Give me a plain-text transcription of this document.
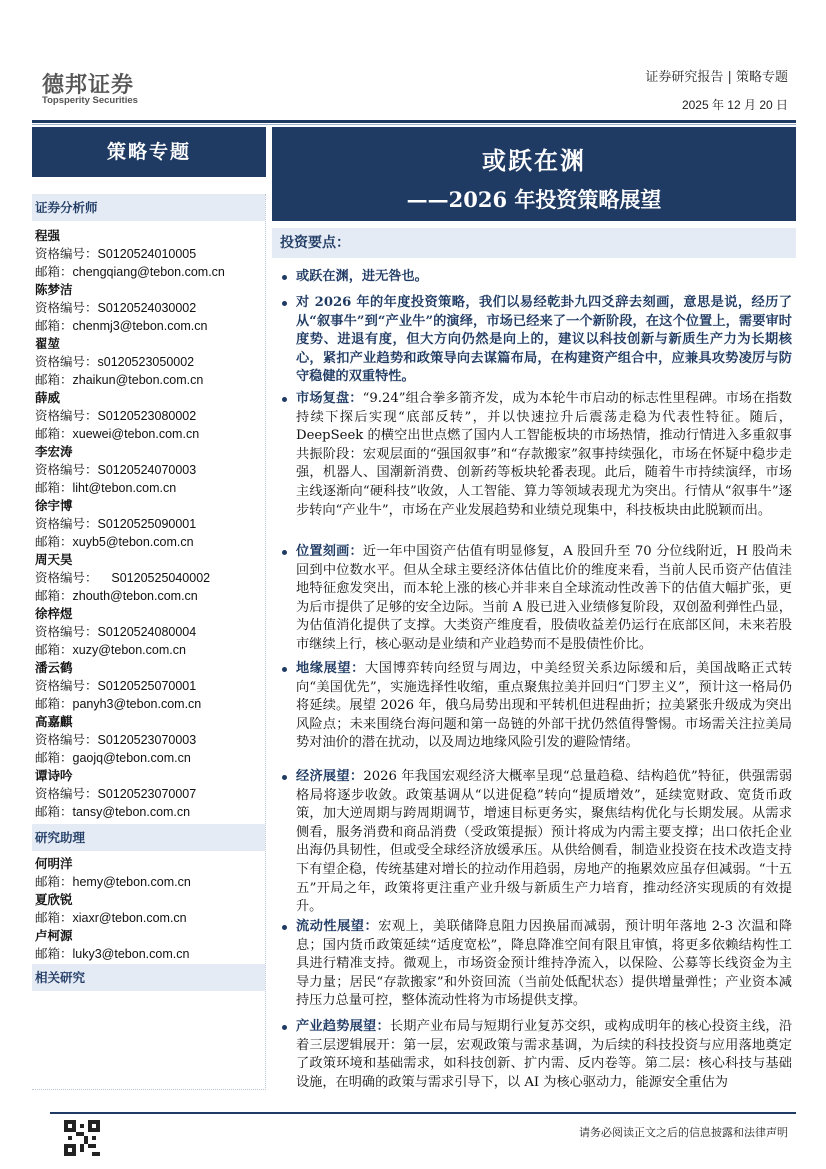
德邦证券
Topsperity Securities
证券研究报告 | 策略专题
2025 年 12 月 20 日
策略专题	或跃在渊
——2026 年投资策略展望
证券分析师
程强
资格编号：S0120524010005
邮箱：chengqiang@tebon.com.cn
陈梦洁
资格编号：S0120524030002
邮箱：chenmj3@tebon.com.cn
翟堃
资格编号：s0120523050002
邮箱：zhaikun@tebon.com.cn
薛威
资格编号：S0120523080002
邮箱：xuewei@tebon.com.cn
李宏涛
资格编号：S0120524070003
邮箱：liht@tebon.com.cn
徐宇博
资格编号：S0120525090001
邮箱：xuyb5@tebon.com.cn
周天昊
资格编号：    S0120525040002
邮箱：zhouth@tebon.com.cn
徐梓煜
资格编号：S0120524080004
邮箱：xuzy@tebon.com.cn
潘云鹤
资格编号：S0120525070001
邮箱：panyh3@tebon.com.cn
高嘉麒
资格编号：S0120523070003
邮箱：gaojq@tebon.com.cn
谭诗吟
资格编号：S0120523070007
邮箱：tansy@tebon.com.cn
研究助理
何明洋
邮箱：hemy@tebon.com.cn
夏欣锐
邮箱：xiaxr@tebon.com.cn
卢柯源
邮箱：luky3@tebon.com.cn
相关研究
投资要点：
或跃在渊，进无咎也。
对 2026 年的年度投资策略，我们以易经乾卦九四爻辞去刻画，意思是说，经历了从“叙事牛”到“产业牛”的演绎，市场已经来了一个新阶段，在这个位置上，需要审时度势、进退有度，但大方向仍然是向上的，建议以科技创新与新质生产力为长期核心，紧扣产业趋势和政策导向去谋篇布局，在构建资产组合中，应兼具攻势凌厉与防守稳健的双重特性。
市场复盘：“9.24”组合拳多箭齐发，成为本轮牛市启动的标志性里程碑。市场在指数持续下探后实现“底部反转”，并以快速拉升后震荡走稳为代表性特征。随后，DeepSeek 的横空出世点燃了国内人工智能板块的市场热情，推动行情进入多重叙事共振阶段：宏观层面的“强国叙事”和“存款搬家”叙事持续强化，市场在怀疑中稳步走强，机器人、国潮新消费、创新药等板块轮番表现。此后，随着牛市持续演绎，市场主线逐渐向“硬科技”收敛，人工智能、算力等领域表现尤为突出。行情从“叙事牛”逐步转向“产业牛”，市场在产业发展趋势和业绩兑现集中，科技板块由此脱颖而出。
位置刻画：近一年中国资产估值有明显修复，A 股回升至 70 分位线附近，H 股尚未回到中位数水平。但从全球主要经济体估值比价的维度来看，当前人民币资产估值洼地特征愈发突出，而本轮上涨的核心并非来自全球流动性改善下的估值大幅扩张，更为后市提供了足够的安全边际。当前 A 股已进入业绩修复阶段，双创盈利弹性凸显，为估值消化提供了支撑。大类资产维度看，股债收益差仍运行在底部区间，未来若股市继续上行，核心驱动是业绩和产业趋势而不是股债性价比。
地缘展望：大国博弈转向经贸与周边，中美经贸关系边际缓和后，美国战略正式转向“美国优先”，实施选择性收缩，重点聚焦拉美并回归“门罗主义”，预计这一格局仍将延续。展望 2026 年，俄乌局势出现和平转机但进程曲折；拉美紧张升级成为突出风险点；未来围绕台海问题和第一岛链的外部干扰仍然值得警惕。市场需关注拉美局势对油价的潜在扰动，以及周边地缘风险引发的避险情绪。
经济展望：2026 年我国宏观经济大概率呈现“总量趋稳、结构趋优”特征，供强需弱格局将逐步收敛。政策基调从“以进促稳”转向“提质增效”，延续宽财政、宽货币政策，加大逆周期与跨周期调节，增速目标更务实，聚焦结构优化与长期发展。从需求侧看，服务消费和商品消费（受政策提振）预计将成为内需主要支撑；出口依托企业出海仍具韧性，但或受全球经济放缓承压。从供给侧看，制造业投资在技术改造支持下有望企稳，传统基建对增长的拉动作用趋弱，房地产的拖累效应虽存但减弱。“十五五”开局之年，政策将更注重产业升级与新质生产力培育，推动经济实现质的有效提升。
流动性展望：宏观上，美联储降息阻力因换届而减弱，预计明年落地 2-3 次温和降息；国内货币政策延续“适度宽松”，降息降准空间有限且审慎，将更多依赖结构性工具进行精准支持。微观上，市场资金预计维持净流入，以保险、公募等长线资金为主导力量；居民“存款搬家”和外资回流（当前处低配状态）提供增量弹性；产业资本减持压力总量可控，整体流动性将为市场提供支撑。
产业趋势展望：长期产业布局与短期行业复苏交织，或构成明年的核心投资主线，沿着三层逻辑展开：第一层，宏观政策与需求基调，为后续的科技投资与应用落地奠定了政策环境和基础需求，如科技创新、扩内需、反内卷等。第二层：核心科技与基础设施，在明确的政策与需求引导下，以 AI 为核心驱动力，能源安全重估为
请务必阅读正文之后的信息披露和法律声明
